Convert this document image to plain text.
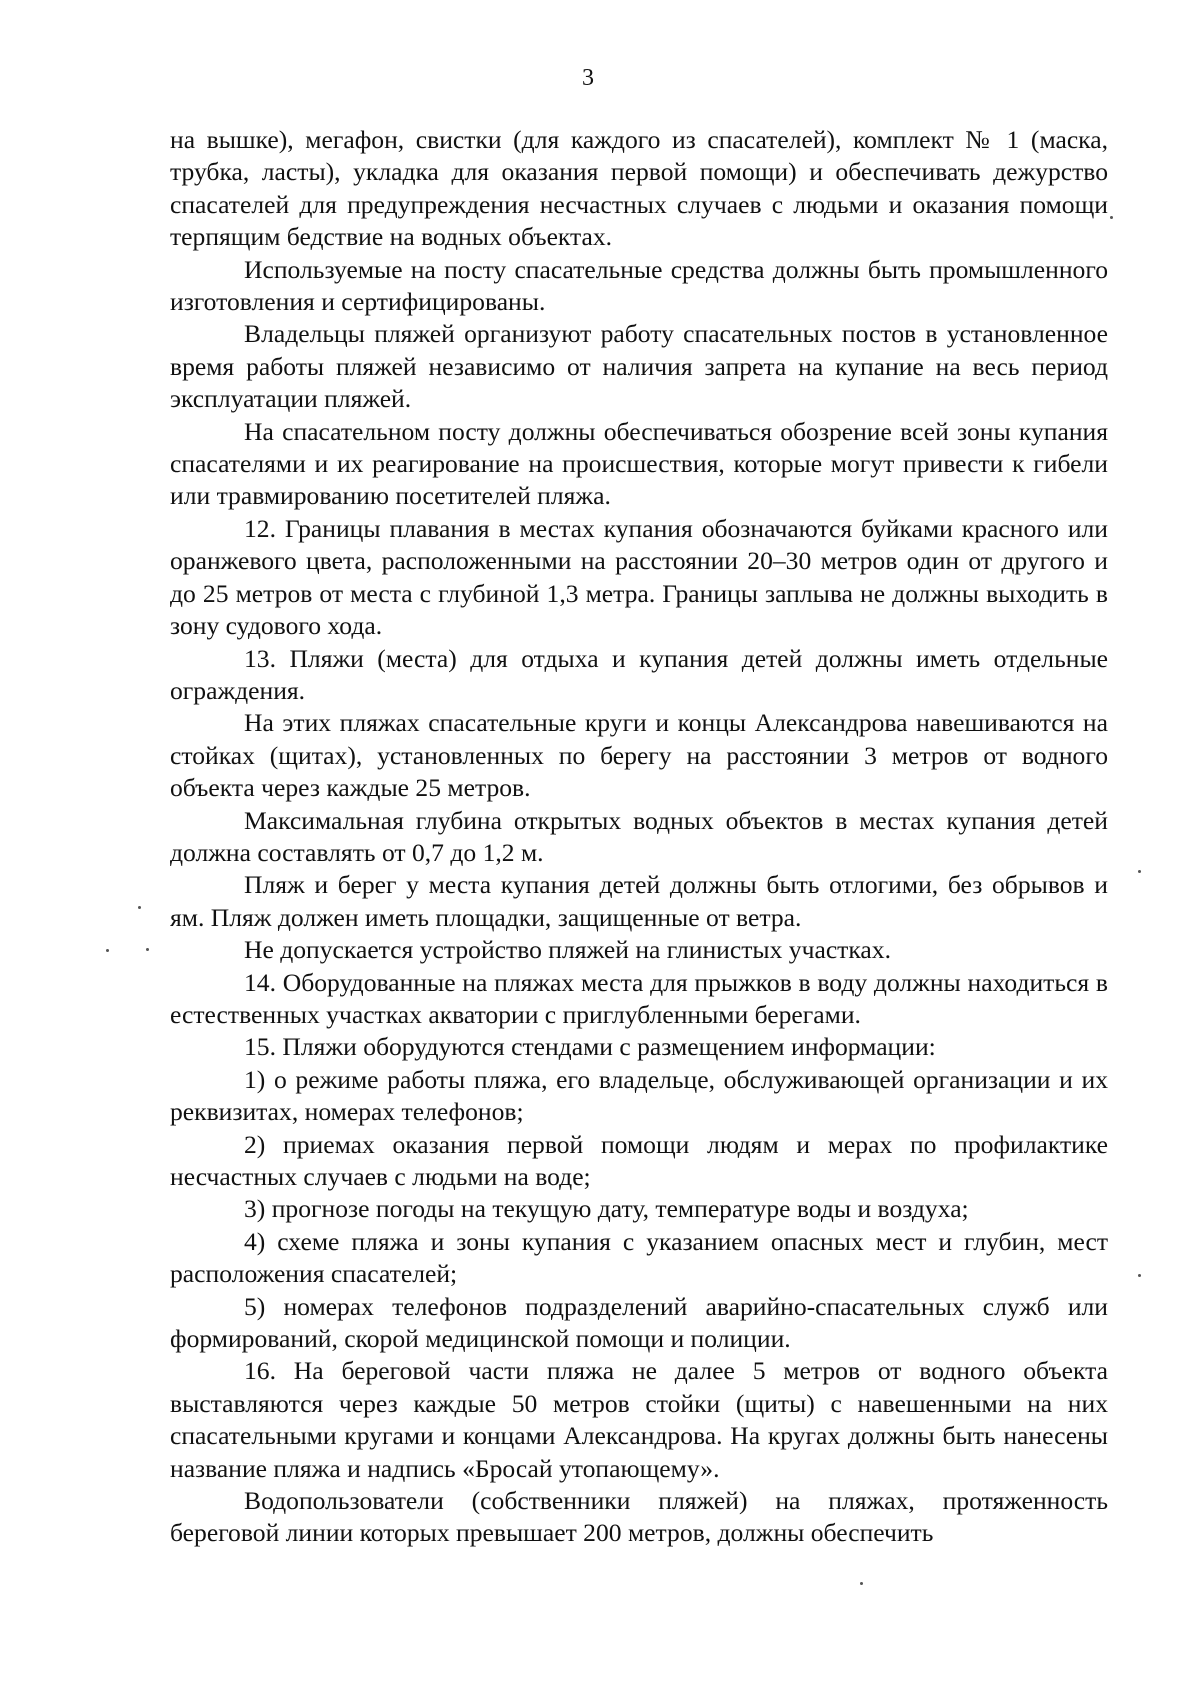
3

на вышке), мегафон, свистки (для каждого из спасателей), комплект № 1 (маска, трубка, ласты), укладка для оказания первой помощи) и обеспечивать дежурство спасателей для предупреждения несчастных случаев с людьми и оказания помощи терпящим бедствие на водных объектах.

Используемые на посту спасательные средства должны быть промышленного изготовления и сертифицированы.

Владельцы пляжей организуют работу спасательных постов в установленное время работы пляжей независимо от наличия запрета на купание на весь период эксплуатации пляжей.

На спасательном посту должны обеспечиваться обозрение всей зоны купания спасателями и их реагирование на происшествия, которые могут привести к гибели или травмированию посетителей пляжа.

12. Границы плавания в местах купания обозначаются буйками красного или оранжевого цвета, расположенными на расстоянии 20–30 метров один от другого и до 25 метров от места с глубиной 1,3 метра. Границы заплыва не должны выходить в зону судового хода.

13. Пляжи (места) для отдыха и купания детей должны иметь отдельные ограждения.

На этих пляжах спасательные круги и концы Александрова навешиваются на стойках (щитах), установленных по берегу на расстоянии 3 метров от водного объекта через каждые 25 метров.

Максимальная глубина открытых водных объектов в местах купания детей должна составлять от 0,7 до 1,2 м.

Пляж и берег у места купания детей должны быть отлогими, без обрывов и ям. Пляж должен иметь площадки, защищенные от ветра.

Не допускается устройство пляжей на глинистых участках.

14. Оборудованные на пляжах места для прыжков в воду должны находиться в естественных участках акватории с приглубленными берегами.

15. Пляжи оборудуются стендами с размещением информации:

1) о режиме работы пляжа, его владельце, обслуживающей организации и их реквизитах, номерах телефонов;

2) приемах оказания первой помощи людям и мерах по профилактике несчастных случаев с людьми на воде;

3) прогнозе погоды на текущую дату, температуре воды и воздуха;

4) схеме пляжа и зоны купания с указанием опасных мест и глубин, мест расположения спасателей;

5) номерах телефонов подразделений аварийно-спасательных служб или формирований, скорой медицинской помощи и полиции.

16. На береговой части пляжа не далее 5 метров от водного объекта выставляются через каждые 50 метров стойки (щиты) с навешенными на них спасательными кругами и концами Александрова. На кругах должны быть нанесены название пляжа и надпись «Бросай утопающему».

Водопользователи (собственники пляжей) на пляжах, протяженность береговой линии которых превышает 200 метров, должны обеспечить
